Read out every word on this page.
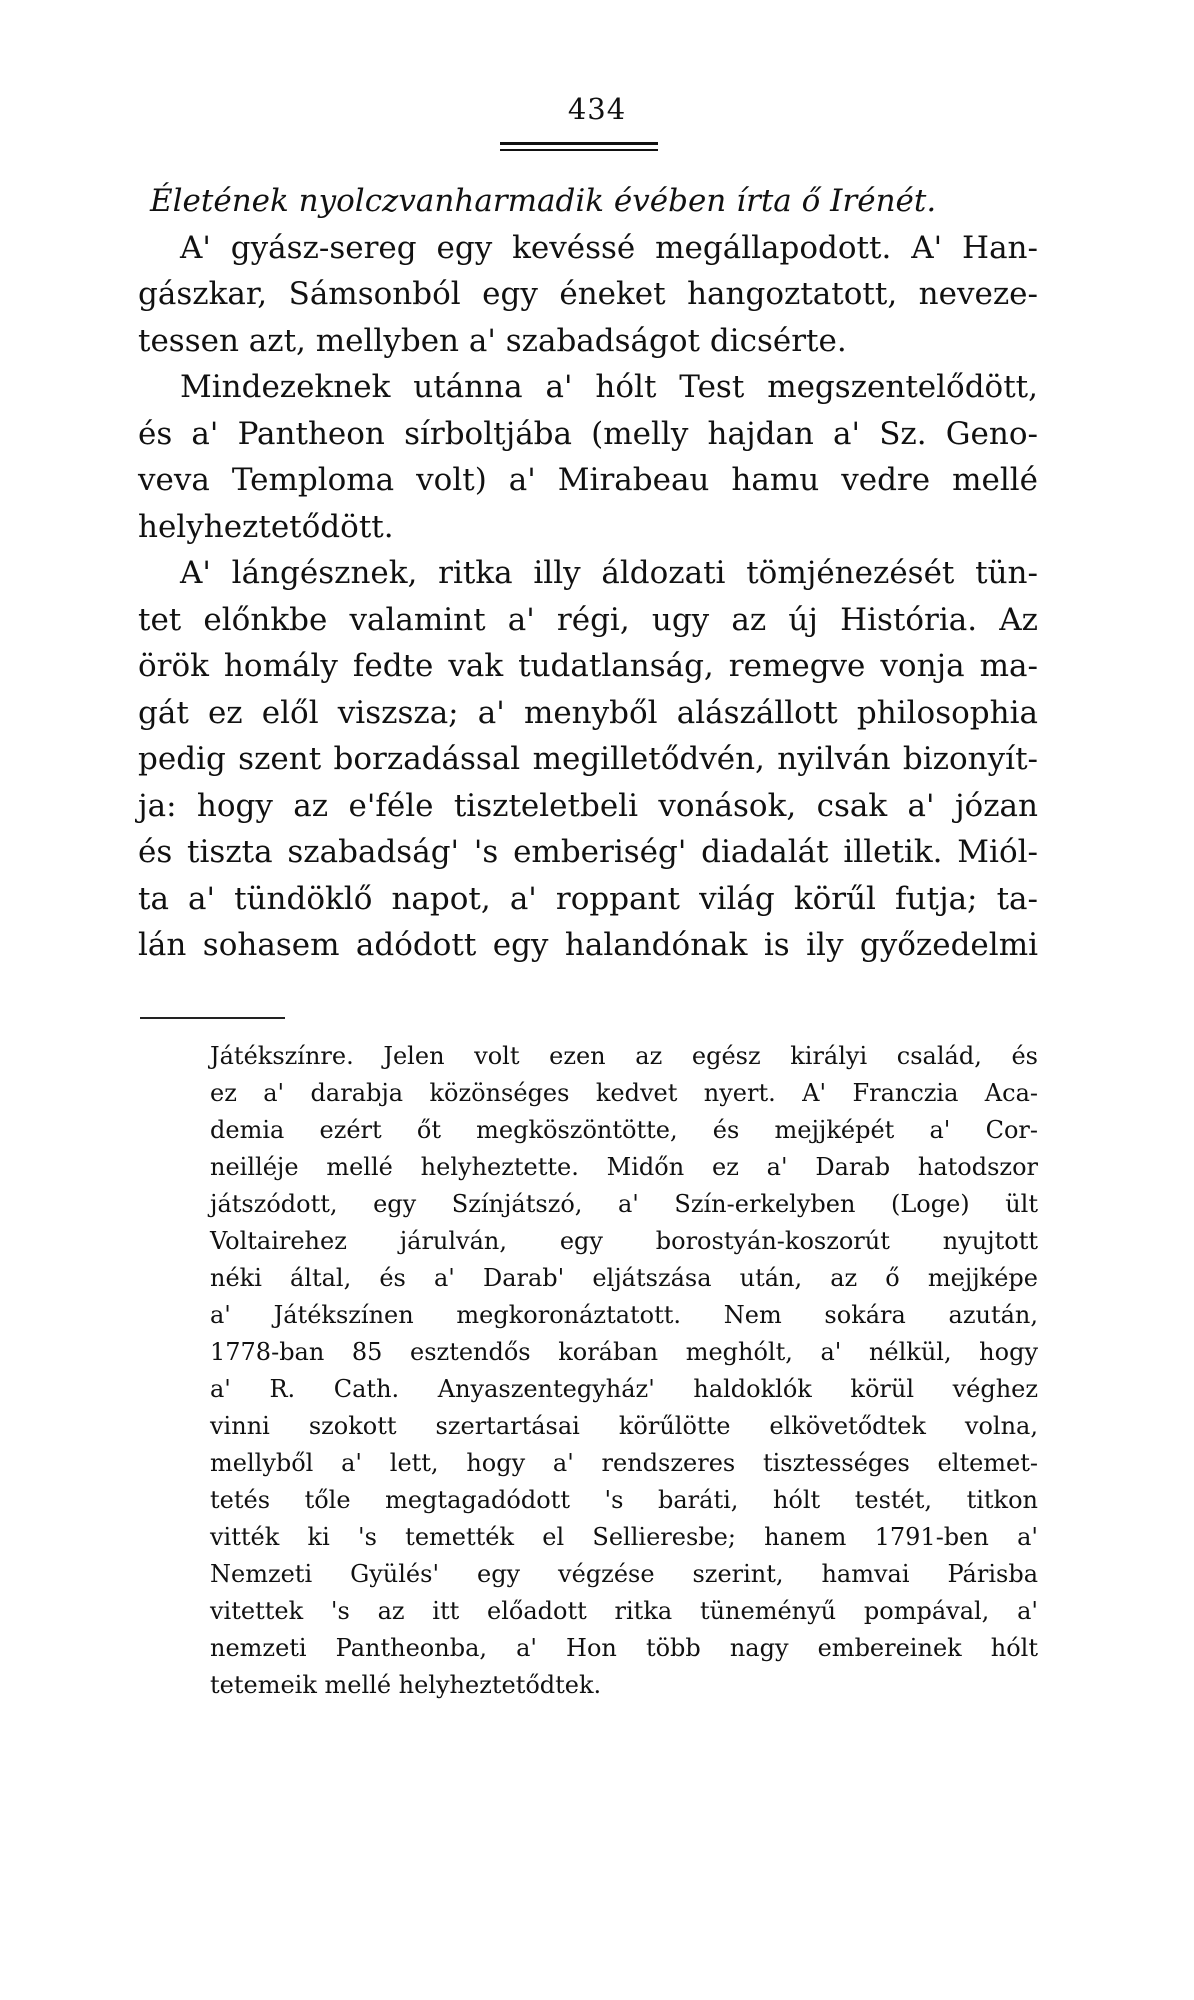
434
Életének nyolczvanharmadik évében írta ő Irénét.
A' gyász-sereg egy kevéssé megállapodott. A' Han-
gászkar, Sámsonból egy éneket hangoztatott, neveze-
tessen azt, mellyben a' szabadságot dicsérte.
Mindezeknek utánna a' hólt Test megszentelődött,
és a' Pantheon sírboltjába (melly hajdan a' Sz. Geno-
veva Temploma volt) a' Mirabeau hamu vedre mellé
helyheztetődött.
A' lángésznek, ritka illy áldozati tömjénezését tün-
tet előnkbe valamint a' régi, ugy az új História. Az
örök homály fedte vak tudatlanság, remegve vonja ma-
gát ez elől viszsza; a' menyből alászállott philosophia
pedig szent borzadással megilletődvén, nyilván bizonyít-
ja: hogy az e'féle tiszteletbeli vonások, csak a' józan
és tiszta szabadság' 's emberiség' diadalát illetik. Miól-
ta a' tündöklő napot, a' roppant világ körűl futja; ta-
lán sohasem adódott egy halandónak is ily győzedelmi
Játékszínre. Jelen volt ezen az egész királyi család, és
ez a' darabja közönséges kedvet nyert. A' Franczia Aca-
demia ezért őt megköszöntötte, és mejjképét a' Cor-
neilléje mellé helyheztette. Midőn ez a' Darab hatodszor
játszódott, egy Színjátszó, a' Szín-erkelyben (Loge) ült
Voltairehez járulván, egy borostyán-koszorút nyujtott
néki által, és a' Darab' eljátszása után, az ő mejjképe
a' Játékszínen megkoronáztatott. Nem sokára azután,
1778-ban 85 esztendős korában meghólt, a' nélkül, hogy
a' R. Cath. Anyaszentegyház' haldoklók körül véghez
vinni szokott szertartásai körűlötte elkövetődtek volna,
mellyből a' lett, hogy a' rendszeres tisztességes eltemet-
tetés tőle megtagadódott 's baráti, hólt testét, titkon
vitték ki 's temették el Sellieresbe; hanem 1791-ben a'
Nemzeti Gyülés' egy végzése szerint, hamvai Párisba
vitettek 's az itt előadott ritka tüneményű pompával, a'
nemzeti Pantheonba, a' Hon több nagy embereinek hólt
tetemeik mellé helyheztetődtek.
